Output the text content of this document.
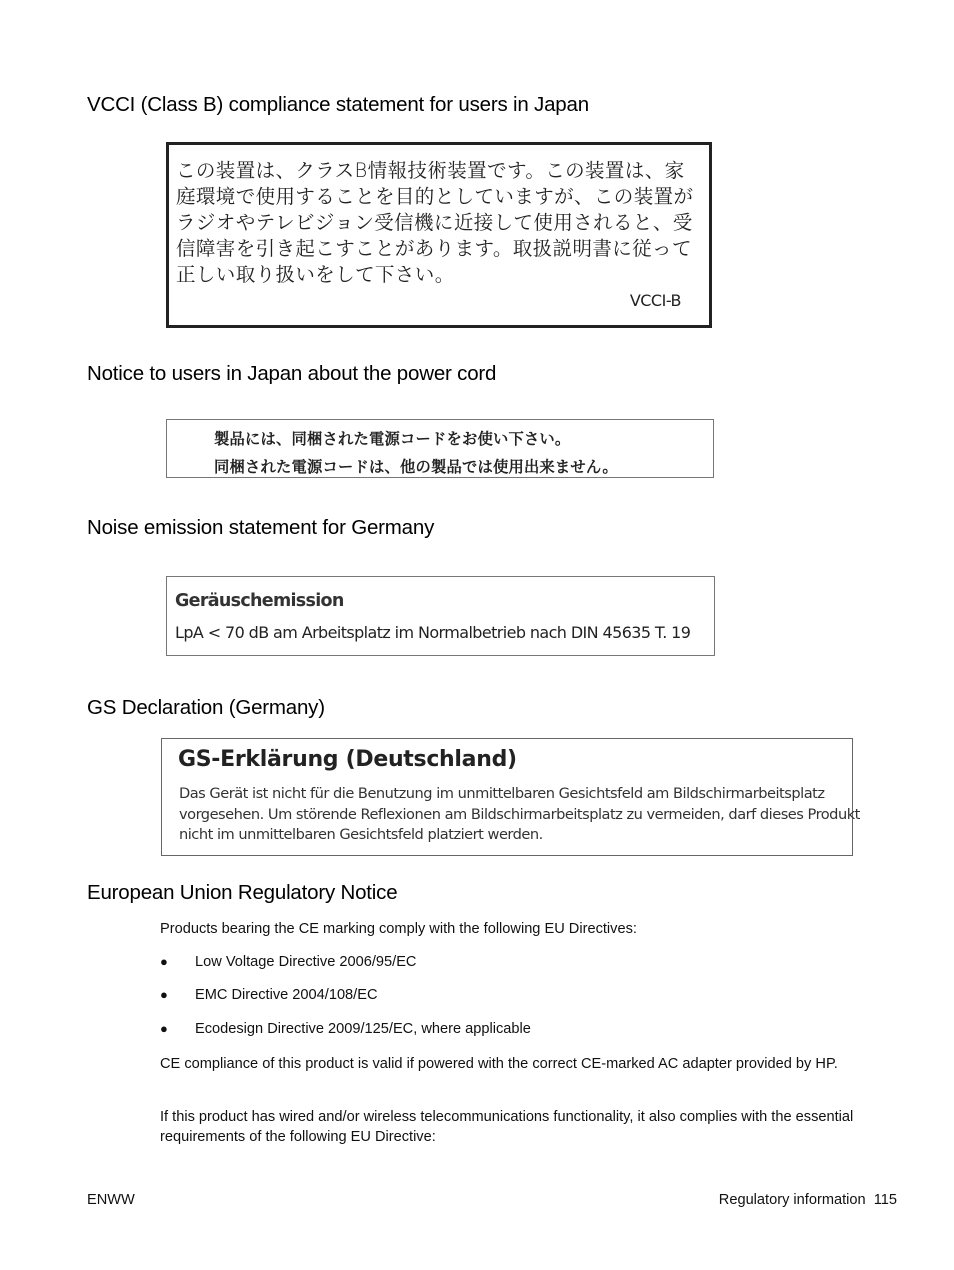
VCCI (Class B) compliance statement for users in Japan
この装置は、クラスB情報技術装置です。この装置は、家
庭環境で使用することを目的としていますが、この装置が
ラジオやテレビジョン受信機に近接して使用されると、受
信障害を引き起こすことがあります。取扱説明書に従って
正しい取り扱いをして下さい。
VCCI-B
Notice to users in Japan about the power cord
製品には、同梱された電源コードをお使い下さい。
同梱された電源コードは、他の製品では使用出来ません。
Noise emission statement for Germany
Geräuschemission
LpA < 70 dB am Arbeitsplatz im Normalbetrieb nach DIN 45635 T. 19
GS Declaration (Germany)
GS-Erklärung (Deutschland)
Das Gerät ist nicht für die Benutzung im unmittelbaren Gesichtsfeld am Bildschirmarbeitsplatz
vorgesehen. Um störende Reflexionen am Bildschirmarbeitsplatz zu vermeiden, darf dieses Produkt
nicht im unmittelbaren Gesichtsfeld platziert werden.
European Union Regulatory Notice

Products bearing the CE marking comply with the following EU Directives:

● Low Voltage Directive 2006/95/EC
● EMC Directive 2004/108/EC
● Ecodesign Directive 2009/125/EC, where applicable

CE compliance of this product is valid if powered with the correct CE-marked AC adapter provided by HP.

If this product has wired and/or wireless telecommunications functionality, it also complies with the essential requirements of the following EU Directive:

ENWW	Regulatory information 115
